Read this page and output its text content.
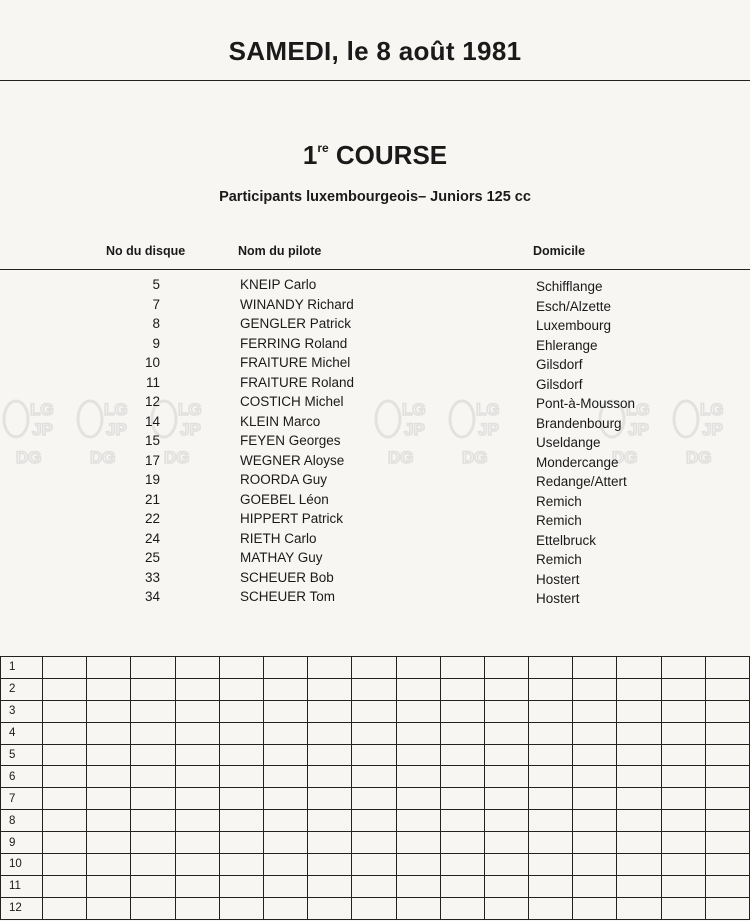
SAMEDI, le 8 août 1981
1re COURSE
Participants luxembourgeois– Juniors 125 cc
No du disque	Nom du pilote	Domicile
LG
JP
DG
LG
JP
DG
LG
JP
DG
LG
JP
DG
LG
JP
DG
LG
JP
DG
LG
JP
DG
5	KNEIP Carlo	Schifflange
7	WINANDY Richard	Esch/Alzette
8	GENGLER Patrick	Luxembourg
9	FERRING Roland	Ehlerange
10	FRAITURE Michel	Gilsdorf
11	FRAITURE Roland	Gilsdorf
12	COSTICH Michel	Pont-à-Mousson
14	KLEIN Marco	Brandenbourg
15	FEYEN Georges	Useldange
17	WEGNER Aloyse	Mondercange
19	ROORDA Guy	Redange/Attert
21	GOEBEL Léon	Remich
22	HIPPERT Patrick	Remich
24	RIETH Carlo	Ettelbruck
25	MATHAY Guy	Remich
33	SCHEUER Bob	Hostert
34	SCHEUER Tom	Hostert
1																
2																
3																
4																
5																
6																
7																
8																
9																
10																
11																
12																
